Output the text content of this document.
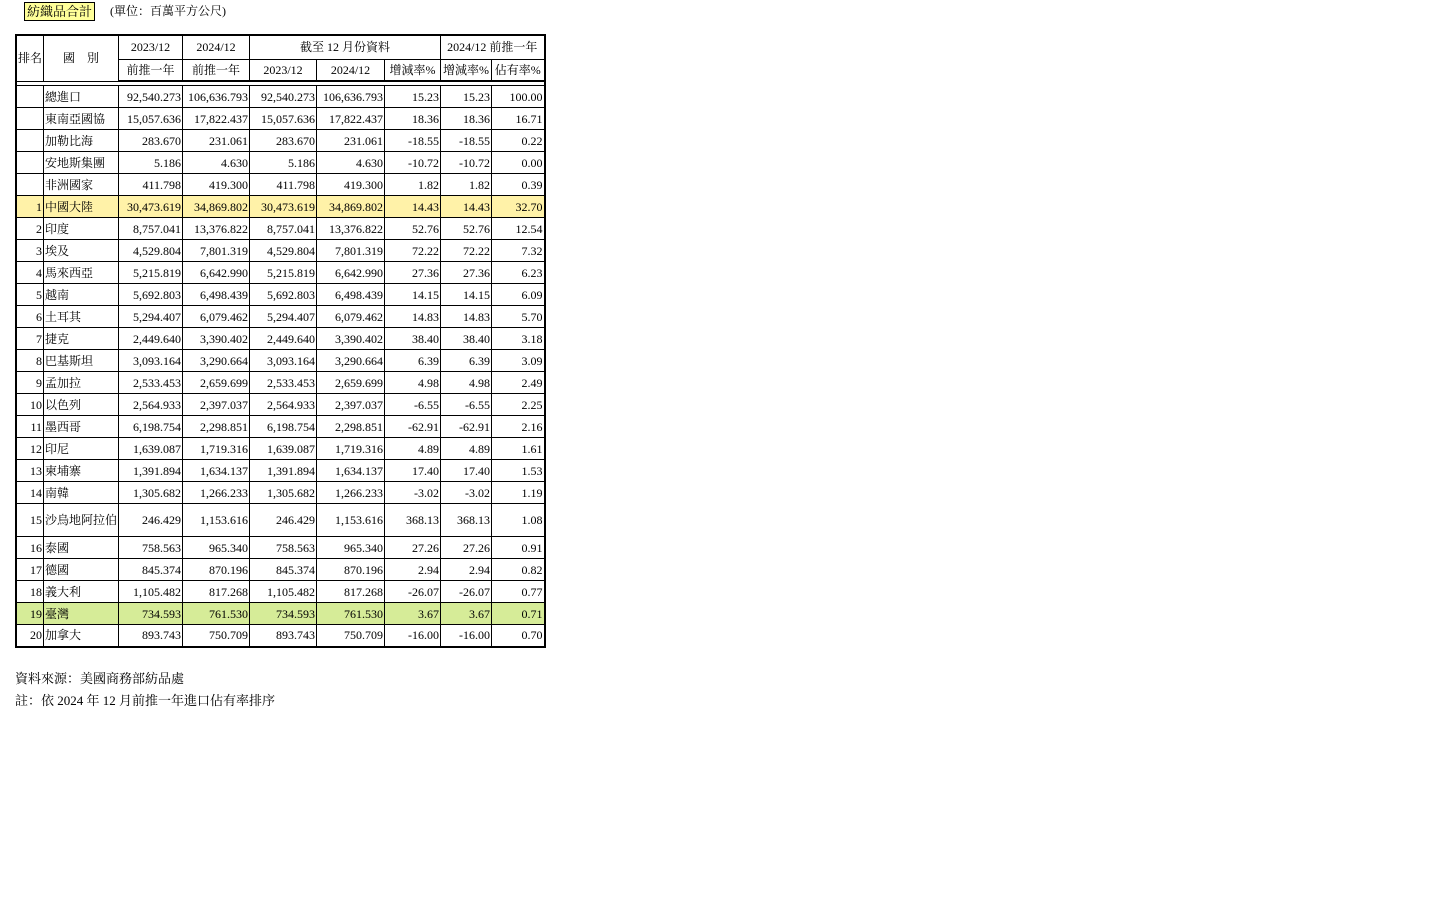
紡織品合計 (單位：百萬平方公尺)
排名	國　別	2023/12	2024/12	截至 12 月份資料			2024/12 前推一年	
		前推一年	前推一年	2023/12	2024/12	增減率%	增減率%	佔有率%

	總進口	92,540.273	106,636.793	92,540.273	106,636.793	15.23	15.23	100.00
	東南亞國協	15,057.636	17,822.437	15,057.636	17,822.437	18.36	18.36	16.71
	加勒比海	283.670	231.061	283.670	231.061	-18.55	-18.55	0.22
	安地斯集團	5.186	4.630	5.186	4.630	-10.72	-10.72	0.00
	非洲國家	411.798	419.300	411.798	419.300	1.82	1.82	0.39
1	中國大陸	30,473.619	34,869.802	30,473.619	34,869.802	14.43	14.43	32.70
2	印度	8,757.041	13,376.822	8,757.041	13,376.822	52.76	52.76	12.54
3	埃及	4,529.804	7,801.319	4,529.804	7,801.319	72.22	72.22	7.32
4	馬來西亞	5,215.819	6,642.990	5,215.819	6,642.990	27.36	27.36	6.23
5	越南	5,692.803	6,498.439	5,692.803	6,498.439	14.15	14.15	6.09
6	土耳其	5,294.407	6,079.462	5,294.407	6,079.462	14.83	14.83	5.70
7	捷克	2,449.640	3,390.402	2,449.640	3,390.402	38.40	38.40	3.18
8	巴基斯坦	3,093.164	3,290.664	3,093.164	3,290.664	6.39	6.39	3.09
9	孟加拉	2,533.453	2,659.699	2,533.453	2,659.699	4.98	4.98	2.49
10	以色列	2,564.933	2,397.037	2,564.933	2,397.037	-6.55	-6.55	2.25
11	墨西哥	6,198.754	2,298.851	6,198.754	2,298.851	-62.91	-62.91	2.16
12	印尼	1,639.087	1,719.316	1,639.087	1,719.316	4.89	4.89	1.61
13	柬埔寨	1,391.894	1,634.137	1,391.894	1,634.137	17.40	17.40	1.53
14	南韓	1,305.682	1,266.233	1,305.682	1,266.233	-3.02	-3.02	1.19
15	沙烏地阿拉伯	246.429	1,153.616	246.429	1,153.616	368.13	368.13	1.08
16	泰國	758.563	965.340	758.563	965.340	27.26	27.26	0.91
17	德國	845.374	870.196	845.374	870.196	2.94	2.94	0.82
18	義大利	1,105.482	817.268	1,105.482	817.268	-26.07	-26.07	0.77
19	臺灣	734.593	761.530	734.593	761.530	3.67	3.67	0.71
20	加拿大	893.743	750.709	893.743	750.709	-16.00	-16.00	0.70
資料來源：美國商務部紡品處
註：依 2024 年 12 月前推一年進口佔有率排序
